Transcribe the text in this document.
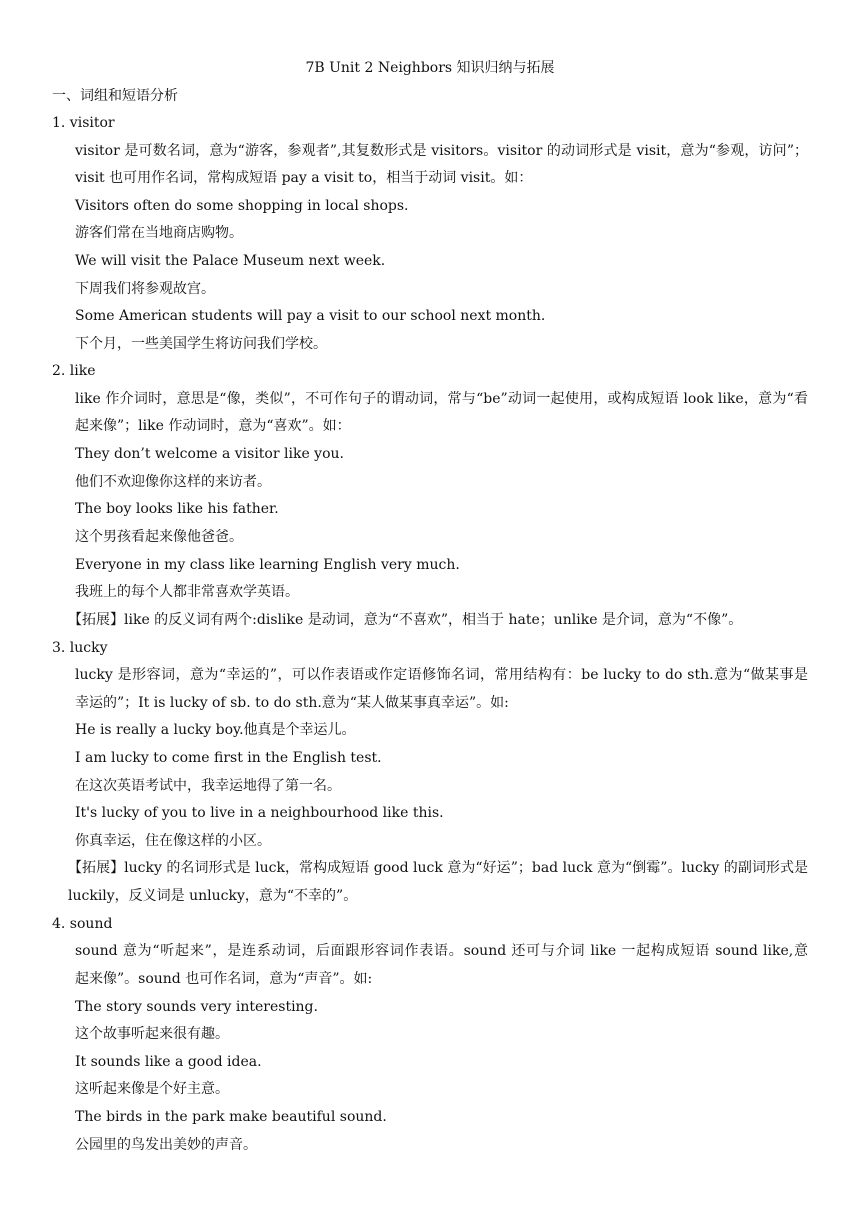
7B Unit 2 Neighbors 知识归纳与拓展
一、词组和短语分析
1. visitor
visitor 是可数名词，意为“游客，参观者”,其复数形式是 visitors。visitor 的动词形式是 visit，意为“参观，访问”；
visit 也可用作名词，常构成短语 pay a visit to，相当于动词 visit。如：
Visitors often do some shopping in local shops.
游客们常在当地商店购物。
We will visit the Palace Museum next week.
下周我们将参观故宫。
Some American students will pay a visit to our school next month.
下个月，一些美国学生将访问我们学校。
2. like
like 作介词时，意思是“像，类似”，不可作句子的谓动词，常与“be”动词一起使用，或构成短语 look like，意为“看
起来像”；like 作动词时，意为“喜欢”。如：
They don’t welcome a visitor like you.
他们不欢迎像你这样的来访者。
The boy looks like his father.
这个男孩看起来像他爸爸。
Everyone in my class like learning English very much.
我班上的每个人都非常喜欢学英语。
【拓展】like 的反义词有两个:dislike 是动词，意为“不喜欢”，相当于 hate；unlike 是介词，意为“不像”。
3. lucky
lucky 是形容词，意为“幸运的”，可以作表语或作定语修饰名词，常用结构有：be lucky to do sth.意为“做某事是
幸运的”；It is lucky of sb. to do sth.意为“某人做某事真幸运”。如:
He is really a lucky boy.他真是个幸运儿。
I am lucky to come first in the English test.
在这次英语考试中，我幸运地得了第一名。
It's lucky of you to live in a neighbourhood like this.
你真幸运，住在像这样的小区。
【拓展】lucky 的名词形式是 luck，常构成短语 good luck 意为“好运”；bad luck 意为“倒霉”。lucky 的副词形式是
luckily，反义词是 unlucky，意为“不幸的”。
4. sound
sound 意为“听起来”，是连系动词，后面跟形容词作表语。sound 还可与介词 like 一起构成短语 sound like,意
起来像”。sound 也可作名词，意为“声音”。如:
The story sounds very interesting.
这个故事听起来很有趣。
It sounds like a good idea.
这听起来像是个好主意。
The birds in the park make beautiful sound.
公园里的鸟发出美妙的声音。
